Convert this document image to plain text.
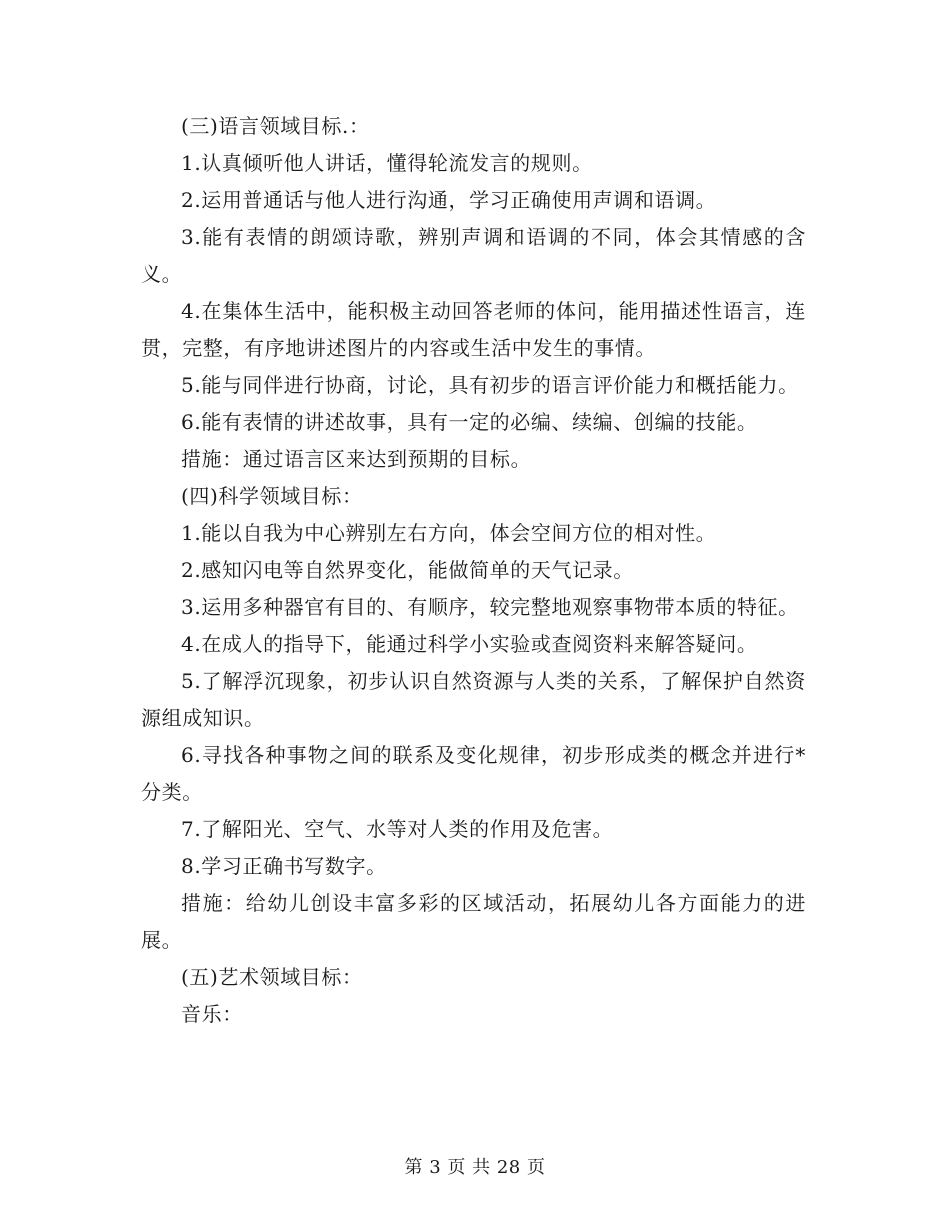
(三)语言领域目标.：

1.认真倾听他人讲话，懂得轮流发言的规则。

2.运用普通话与他人进行沟通，学习正确使用声调和语调。

3.能有表情的朗颂诗歌，辨别声调和语调的不同，体会其情感的含义。

4.在集体生活中，能积极主动回答老师的体问，能用描述性语言，连贯，完整，有序地讲述图片的内容或生活中发生的事情。

5.能与同伴进行协商，讨论，具有初步的语言评价能力和概括能力。

6.能有表情的讲述故事，具有一定的必编、续编、创编的技能。

措施：通过语言区来达到预期的目标。

(四)科学领域目标：

1.能以自我为中心辨别左右方向，体会空间方位的相对性。

2.感知闪电等自然界变化，能做简单的天气记录。

3.运用多种器官有目的、有顺序，较完整地观察事物带本质的特征。

4.在成人的指导下，能通过科学小实验或查阅资料来解答疑问。

5.了解浮沉现象，初步认识自然资源与人类的关系，了解保护自然资源组成知识。

6.寻找各种事物之间的联系及变化规律，初步形成类的概念并进行*分类。

7.了解阳光、空气、水等对人类的作用及危害。

8.学习正确书写数字。

措施：给幼儿创设丰富多彩的区域活动，拓展幼儿各方面能力的进展。

(五)艺术领域目标：

音乐：

第 3 页 共 28 页
